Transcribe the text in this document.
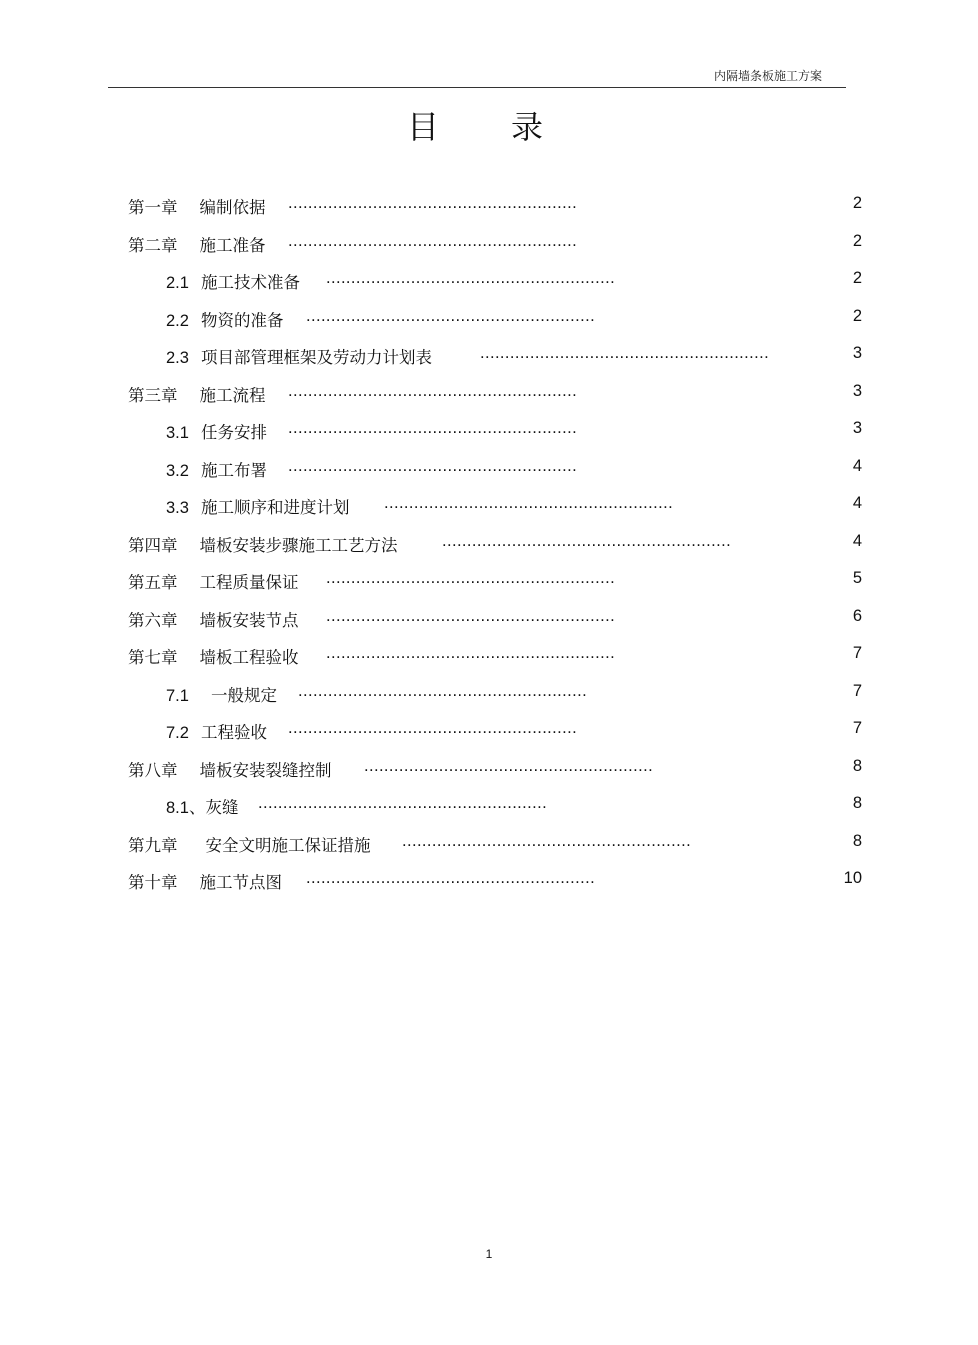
内隔墙条板施工方案
目录
第一章 编制依据 ..........................................................	2
第二章 施工准备 ..........................................................	2
2.1 施工技术准备 ..........................................................	2
2.2 物资的准备 ..........................................................	2
2.3 项目部管理框架及劳动力计划表	..........................................................	3
第三章 施工流程 ..........................................................	3
3.1 任务安排 ..........................................................	3
3.2 施工布署 ..........................................................	4
3.3 施工顺序和进度计划 ..........................................................	4
第四章 墙板安装步骤施工工艺方法	..........................................................	4
第五章 工程质量保证 ..........................................................	5
第六章 墙板安装节点 ..........................................................	6
第七章 墙板工程验收 ..........................................................	7
7.1 一般规定 ..........................................................	7
7.2 工程验收 ..........................................................	7
第八章 墙板安装裂缝控制 ..........................................................	8
8.1、灰缝 ..........................................................	8
第九章 安全文明施工保证措施 ..........................................................	8
第十章 施工节点图 ..........................................................	10
1
